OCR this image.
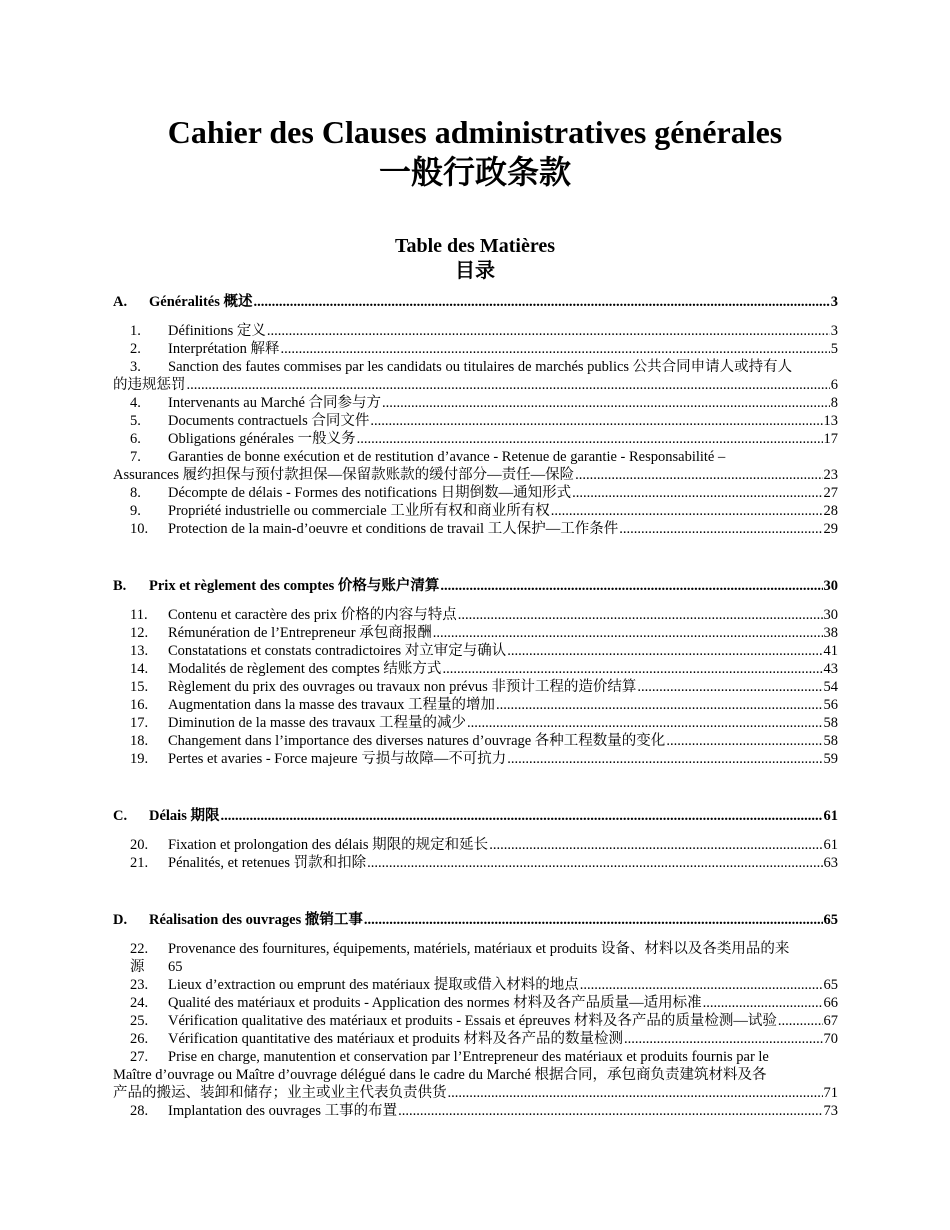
Cahier des Clauses administratives générales
一般行政条款
Table des Matières
目录
A.	Généralités 概述 .....	3
1.	Définitions 定义 .....	3
2.	Interprétation 解释 .....	5
3.	Sanction des fautes commises par les candidats ou titulaires de marchés publics 公共合同申请人或持有人
的违规惩罚 .....	6
4.	Intervenants au Marché 合同参与方 .....	8
5.	Documents contractuels 合同文件 .....	13
6.	Obligations générales 一般义务 .....	17
7.	Garanties de bonne exécution et de restitution d’avance - Retenue de garantie - Responsabilité –
Assurances 履约担保与预付款担保—保留款账款的缓付部分—责任—保险 .....	23
8.	Décompte de délais - Formes des notifications 日期倒数—通知形式 .....	27
9.	Propriété industrielle ou commerciale 工业所有权和商业所有权 .....	28
10.	Protection de la main-d’oeuvre et conditions de travail 工人保护—工作条件 .....	29
B.	Prix et règlement des comptes 价格与账户清算 .....	30
11.	Contenu et caractère des prix 价格的内容与特点 .....	30
12.	Rémunération de l’Entrepreneur 承包商报酬 .....	38
13.	Constatations et constats contradictoires 对立审定与确认 .....	41
14.	Modalités de règlement des comptes 结账方式 .....	43
15.	Règlement du prix des ouvrages ou travaux non prévus 非预计工程的造价结算 .....	54
16.	Augmentation dans la masse des travaux 工程量的增加 .....	56
17.	Diminution de la masse des travaux 工程量的减少 .....	58
18.	Changement dans l’importance des diverses natures d’ouvrage 各种工程数量的变化 .....	58
19.	Pertes et avaries - Force majeure 亏损与故障—不可抗力 .....	59
C.	Délais 期限 .....	61
20.	Fixation et prolongation des délais 期限的规定和延长 .....	61
21.	Pénalités, et retenues 罚款和扣除 .....	63
D.	Réalisation des ouvrages 撤销工事 .....	65
22.	Provenance des fournitures, équipements, matériels, matériaux et produits 设备、材料以及各类用品的来
源	65
23.	Lieux d’extraction ou emprunt des matériaux 提取或借入材料的地点 .....	65
24.	Qualité des matériaux et produits - Application des normes 材料及各产品质量—适用标准 .....	66
25.	Vérification qualitative des matériaux et produits - Essais et épreuves 材料及各产品的质量检测—试验 .....	67
26.	Vérification quantitative des matériaux et produits 材料及各产品的数量检测 .....	70
27.	Prise en charge, manutention et conservation par l’Entrepreneur des matériaux et produits fournis par le
Maître d’ouvrage ou Maître d’ouvrage délégué dans le cadre du Marché 根据合同，承包商负责建筑材料及各
产品的搬运、装卸和储存；业主或业主代表负责供货 .....	71
28.	Implantation des ouvrages 工事的布置 .....	73
